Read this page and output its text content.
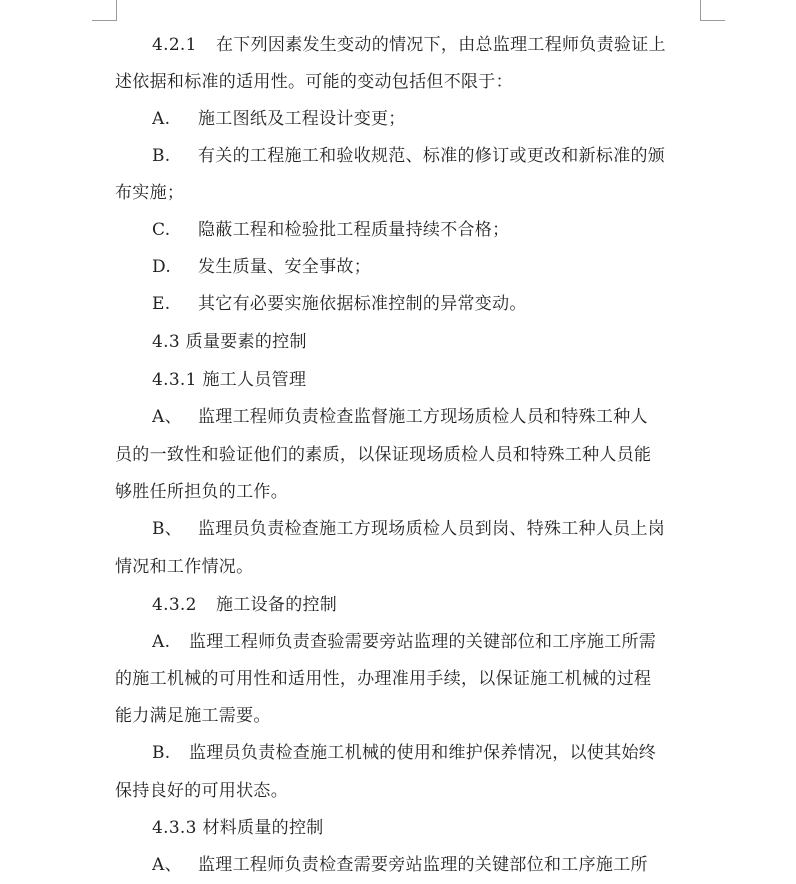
4.2.1 在下列因素发生变动的情况下，由总监理工程师负责验证上
述依据和标准的适用性。可能的变动包括但不限于：
A. 施工图纸及工程设计变更；
B. 有关的工程施工和验收规范、标准的修订或更改和新标准的颁
布实施；
C. 隐蔽工程和检验批工程质量持续不合格；
D. 发生质量、安全事故；
E. 其它有必要实施依据标准控制的异常变动。
4.3 质量要素的控制
4.3.1 施工人员管理
A、 监理工程师负责检查监督施工方现场质检人员和特殊工种人
员的一致性和验证他们的素质，以保证现场质检人员和特殊工种人员能
够胜任所担负的工作。
B、 监理员负责检查施工方现场质检人员到岗、特殊工种人员上岗
情况和工作情况。
4.3.2 施工设备的控制
A. 监理工程师负责查验需要旁站监理的关键部位和工序施工所需
的施工机械的可用性和适用性，办理准用手续，以保证施工机械的过程
能力满足施工需要。
B. 监理员负责检查施工机械的使用和维护保养情况，以使其始终
保持良好的可用状态。
4.3.3 材料质量的控制
A、 监理工程师负责检查需要旁站监理的关键部位和工序施工所
